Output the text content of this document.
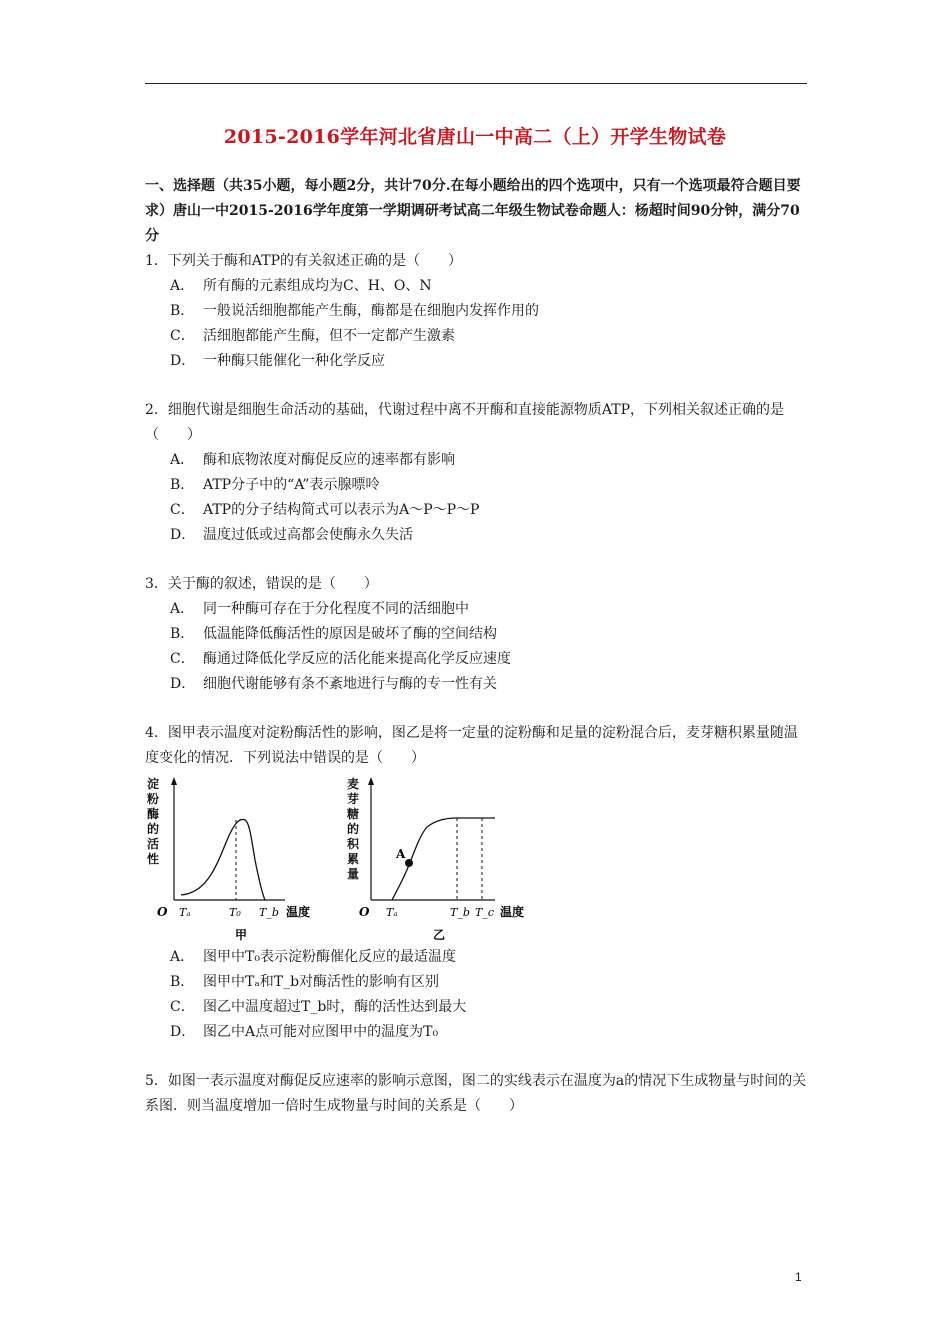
2015-2016学年河北省唐山一中高二（上）开学生物试卷
一、选择题（共35小题，每小题2分，共计70分.在每小题给出的四个选项中，只有一个选项最符合题目要求）唐山一中2015-2016学年度第一学期调研考试高二年级生物试卷命题人：杨超时间90分钟，满分70分

1．下列关于酶和ATP的有关叙述正确的是（　　）

A． 所有酶的元素组成均为C、H、O、N
B． 一般说活细胞都能产生酶，酶都是在细胞内发挥作用的
C． 活细胞都能产生酶，但不一定都产生激素
D． 一种酶只能催化一种化学反应

2．细胞代谢是细胞生命活动的基础，代谢过程中离不开酶和直接能源物质ATP，下列相关叙述正确的是（　　）

A． 酶和底物浓度对酶促反应的速率都有影响
B． ATP分子中的“A”表示腺嘌呤
C． ATP的分子结构简式可以表示为A～P～P～P
D． 温度过低或过高都会使酶永久失活

3．关于酶的叙述，错误的是（　　）

A． 同一种酶可存在于分化程度不同的活细胞中
B． 低温能降低酶活性的原因是破坏了酶的空间结构
C． 酶通过降低化学反应的活化能来提高化学反应速度
D． 细胞代谢能够有条不紊地进行与酶的专一性有关

4．图甲表示温度对淀粉酶活性的影响，图乙是将一定量的淀粉酶和足量的淀粉混合后，麦芽糖积累量随温度变化的情况．下列说法中错误的是（　　）

淀
粉
酶
的
活
性
O Tₐ	T₀ T_b 温度
甲
麦
芽
糖
的
积
累
量
A
O Tₐ	T_b T_c 温度
乙
A． 图甲中T₀表示淀粉酶催化反应的最适温度
B． 图甲中Tₐ和T_b对酶活性的影响有区别
C． 图乙中温度超过T_b时，酶的活性达到最大
D． 图乙中A点可能对应图甲中的温度为T₀

5．如图一表示温度对酶促反应速率的影响示意图，图二的实线表示在温度为a的情况下生成物量与时间的关系图．则当温度增加一倍时生成物量与时间的关系是（　　）

1
